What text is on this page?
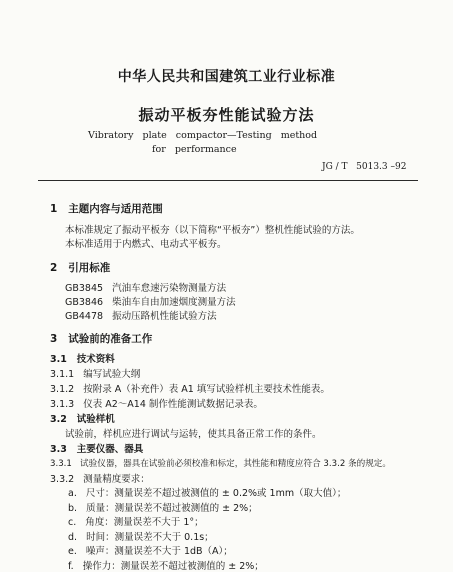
中华人民共和国建筑工业行业标准
振动平板夯性能试验方法
Vibratory   plate   compactor—Testing   method
for   performance
JG / T   5013.3 –92
1   主题内容与适用范围
本标准规定了振动平板夯（以下简称“平板夯”）整机性能试验的方法。
本标准适用于内燃式、电动式平板夯。
2   引用标准
GB3845   汽油车怠速污染物测量方法
GB3846   柴油车自由加速烟度测量方法
GB4478   振动压路机性能试验方法
3   试验前的准备工作
3.1   技术资料
3.1.1   编写试验大纲
3.1.2   按附录 A（补充件）表 A1 填写试验样机主要技术性能表。
3.1.3   仪表 A2～A14 制作性能测试数据记录表。
3.2   试验样机
试验前，样机应进行调试与运转，使其具备正常工作的条件。
3.3   主要仪器、器具
3.3.1   试验仪器，器具在试验前必须校准和标定，其性能和精度应符合 3.3.2 条的规定。
3.3.2   测量精度要求：
a.   尺寸：测量误差不超过被测值的 ± 0.2%或 1mm（取大值）；
b.   质量：测量误差不超过被测值的 ± 2%；
c.   角度：测量误差不大于 1°；
d.   时间：测量误差不大于 0.1s；
e.   噪声：测量误差不大于 1dB（A）；
f.   操作力：测量误差不超过被测值的 ± 2%；
